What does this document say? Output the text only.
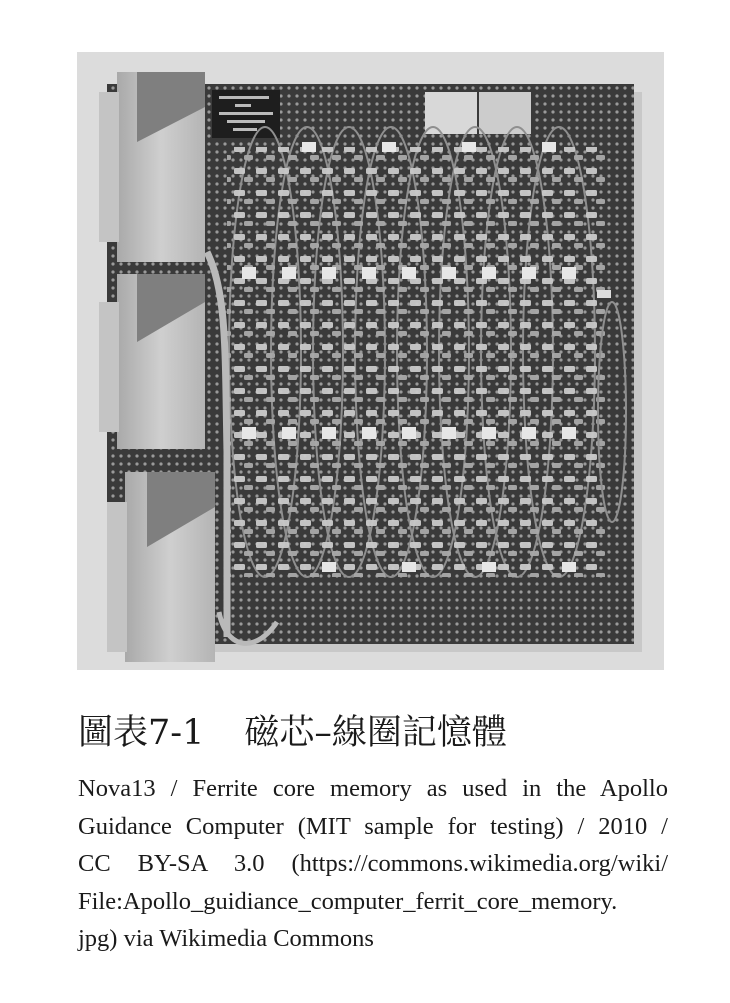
圖表7-1 磁芯–線圈記憶體

Nova13 / Ferrite core memory as used in the Apollo
Guidance Computer (MIT sample for testing) / 2010 /
CC BY-SA 3.0 (https://commons.wikimedia.org/wiki/
File:Apollo_guidiance_computer_ferrit_core_memory.
jpg) via Wikimedia Commons
